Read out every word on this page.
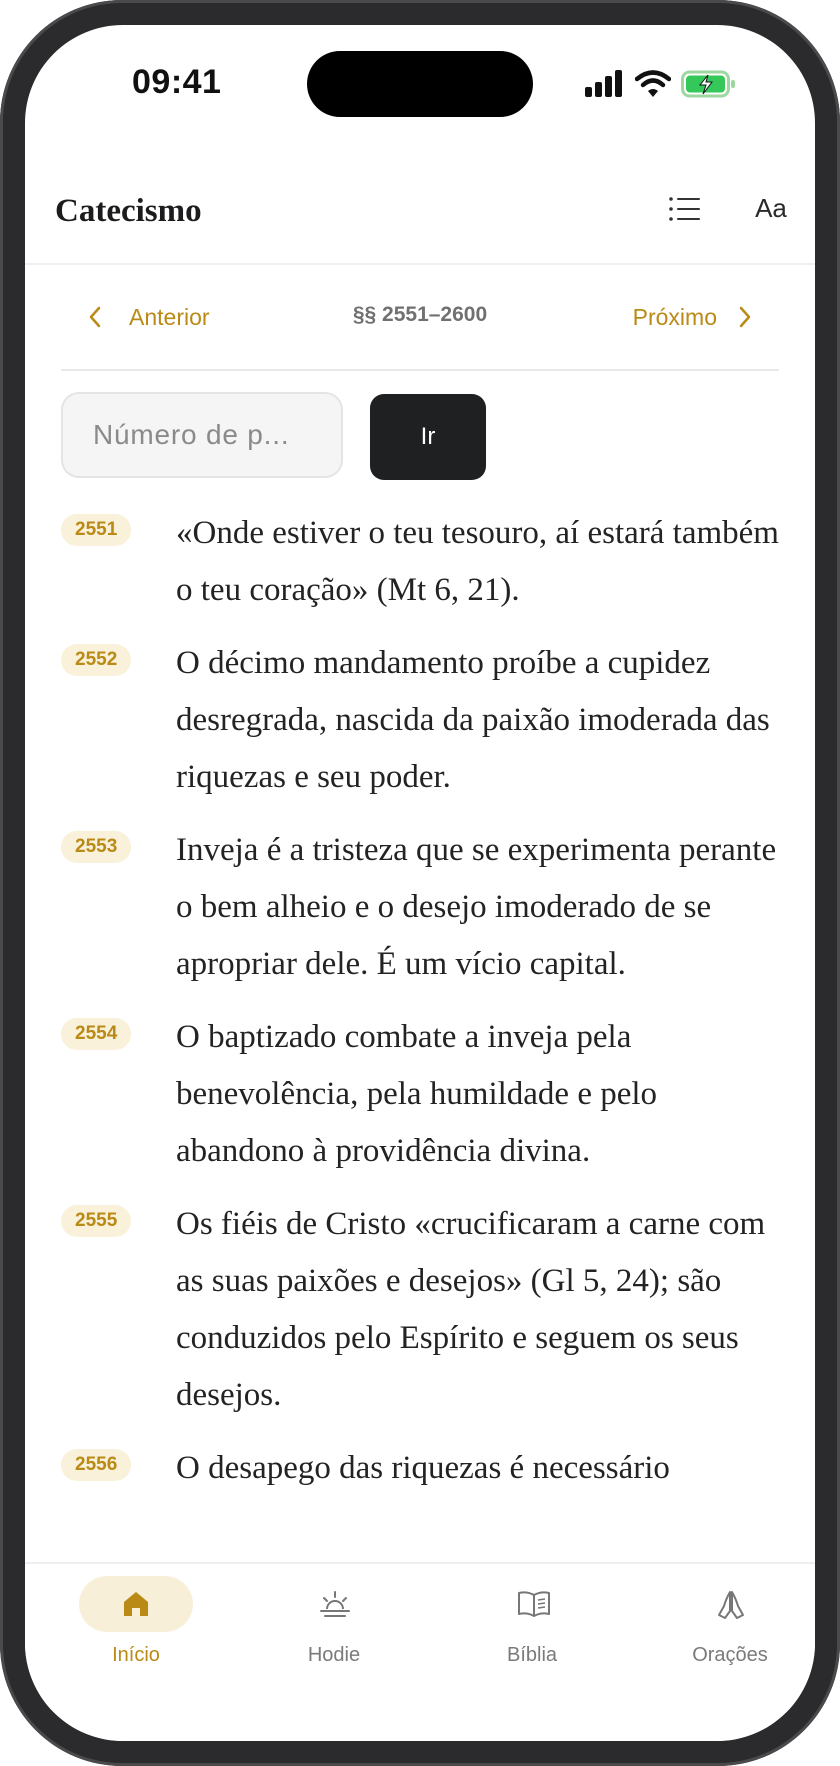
09:41
Catecismo	Aa
Anterior	§§ 2551–2600	Próximo
Número de p...
Ir
2551	«Onde estiver o teu tesouro, aí estará também o teu coração» (Mt 6, 21).
2552	O décimo mandamento proíbe a cupidez desregrada, nascida da paixão imoderada das riquezas e seu poder.
2553	Inveja é a tristeza que se experimenta perante o bem alheio e o desejo imoderado de se apropriar dele. É um vício capital.
2554	O baptizado combate a inveja pela benevolência, pela humildade e pelo abandono à providência divina.
2555	Os fiéis de Cristo «crucificaram a carne com as suas paixões e desejos» (Gl 5, 24); são conduzidos pelo Espírito e seguem os seus desejos.
2556	O desapego das riquezas é necessário
Início	Hodie	Bíblia	Orações
